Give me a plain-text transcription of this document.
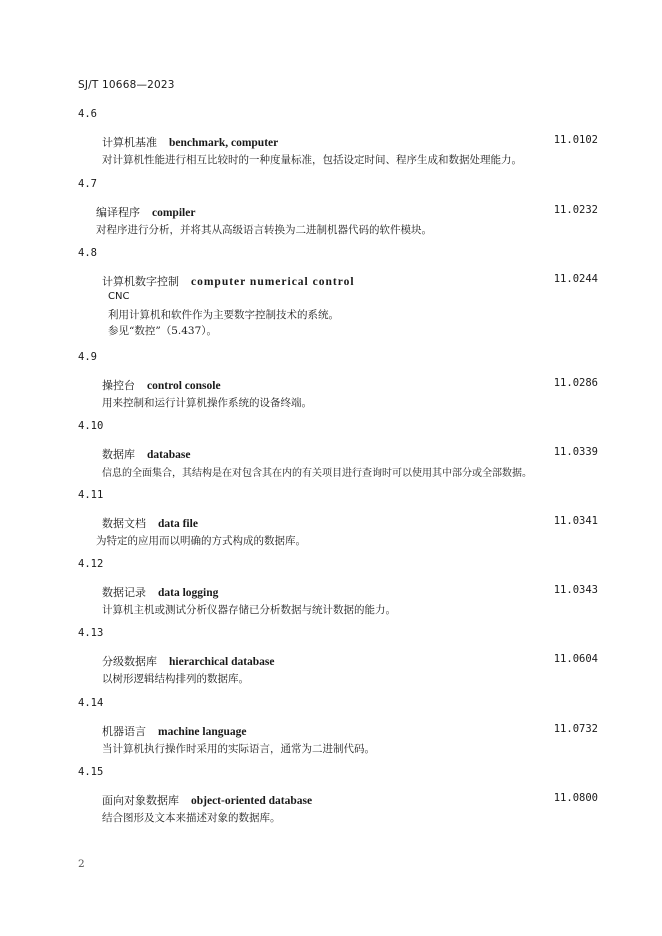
SJ/T 10668—2023
4.6
计算机基准 benchmark, computer	11.0102
对计算机性能进行相互比较时的一种度量标准，包括设定时间、程序生成和数据处理能力。
4.7
编译程序 compiler	11.0232
对程序进行分析，并将其从高级语言转换为二进制机器代码的软件模块。
4.8
计算机数字控制 computer numerical control	11.0244
CNC
利用计算机和软件作为主要数字控制技术的系统。
参见“数控”（5.437）。
4.9
操控台 control console	11.0286
用来控制和运行计算机操作系统的设备终端。
4.10
数据库 database	11.0339
信息的全面集合，其结构是在对包含其在内的有关项目进行查询时可以使用其中部分或全部数据。
4.11
数据文档 data file	11.0341
为特定的应用而以明确的方式构成的数据库。
4.12
数据记录 data logging	11.0343
计算机主机或测试分析仪器存储已分析数据与统计数据的能力。
4.13
分级数据库 hierarchical database	11.0604
以树形逻辑结构排列的数据库。
4.14
机器语言 machine language	11.0732
当计算机执行操作时采用的实际语言，通常为二进制代码。
4.15
面向对象数据库 object-oriented database	11.0800
结合图形及文本来描述对象的数据库。
2
